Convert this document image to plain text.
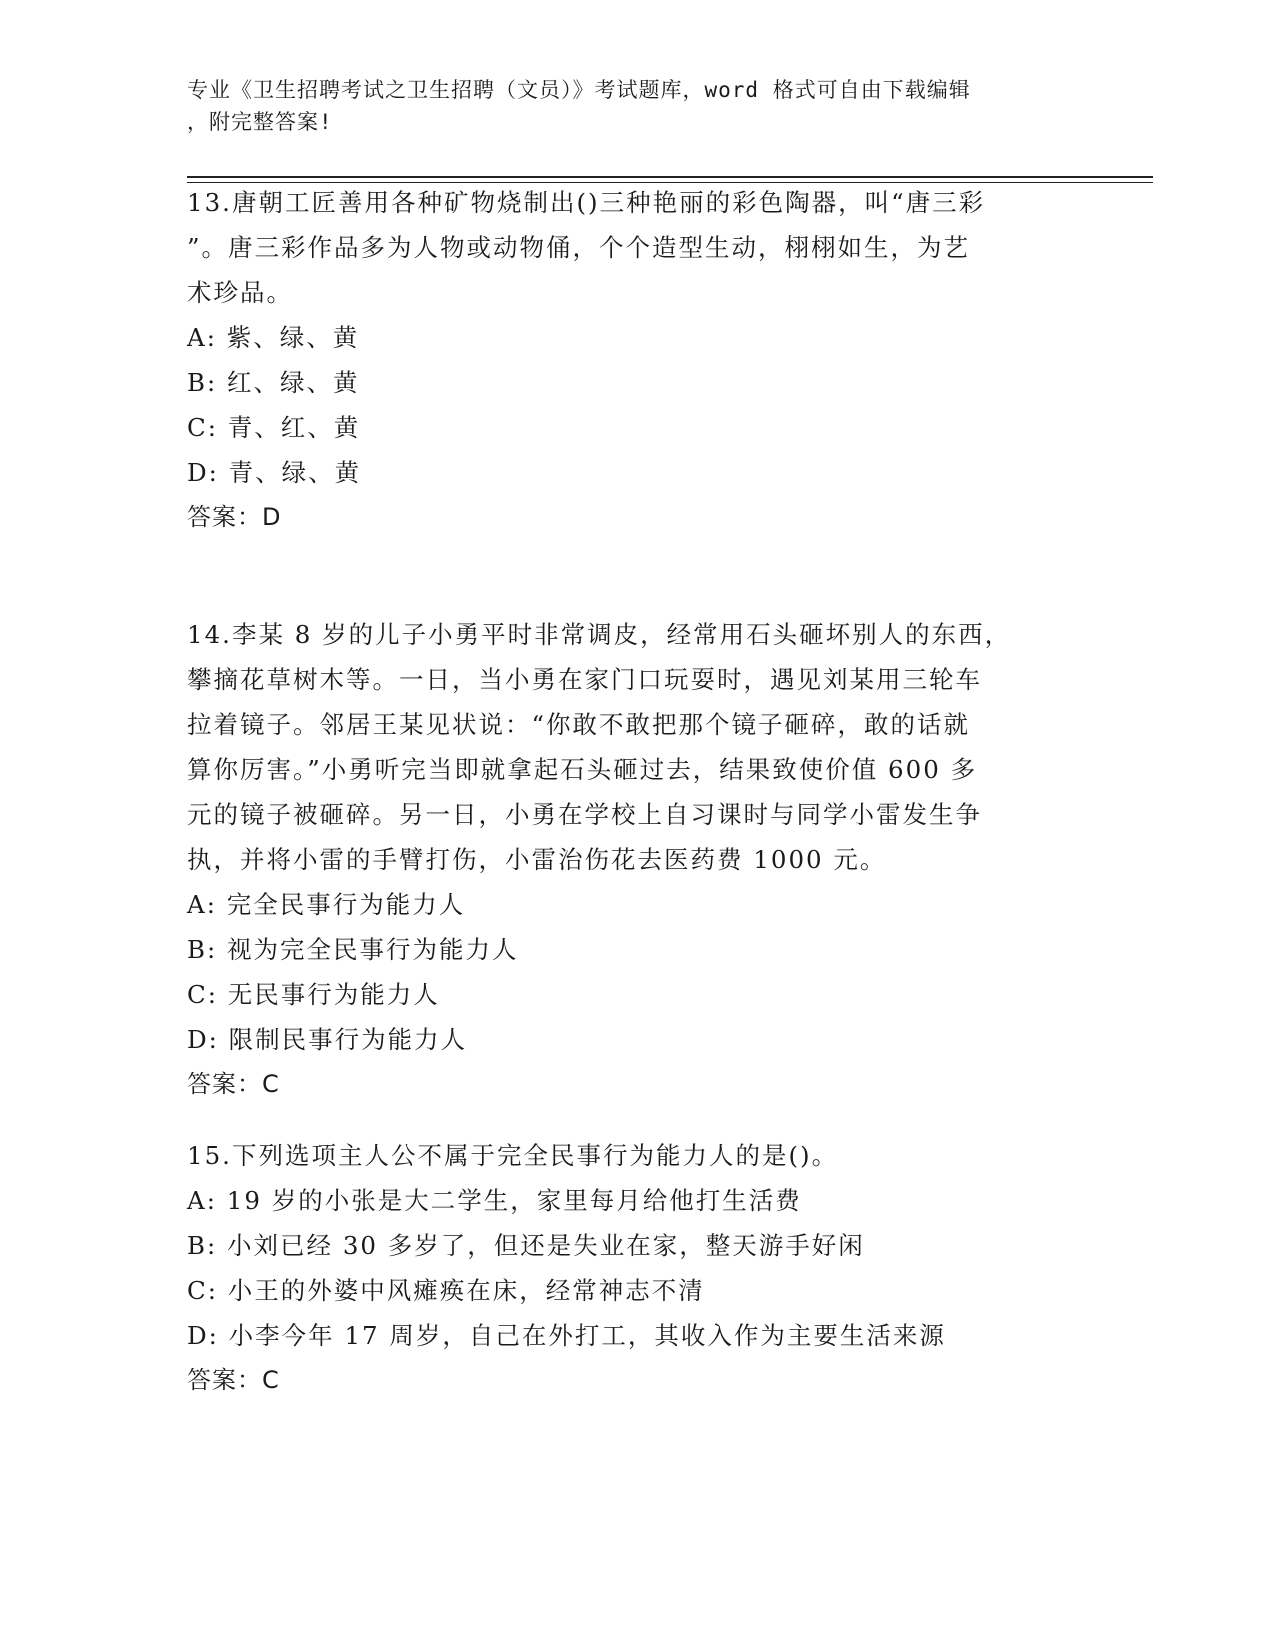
专业《卫生招聘考试之卫生招聘（文员）》考试题库，word 格式可自由下载编辑
，附完整答案!

13.唐朝工匠善用各种矿物烧制出()三种艳丽的彩色陶器，叫“唐三彩

”。唐三彩作品多为人物或动物俑，个个造型生动，栩栩如生，为艺

术珍品。

A: 紫、绿、黄

B: 红、绿、黄

C: 青、红、黄

D: 青、绿、黄

答案：D

14.李某 8 岁的儿子小勇平时非常调皮，经常用石头砸坏别人的东西，

攀摘花草树木等。一日，当小勇在家门口玩耍时，遇见刘某用三轮车

拉着镜子。邻居王某见状说：“你敢不敢把那个镜子砸碎，敢的话就

算你厉害。”小勇听完当即就拿起石头砸过去，结果致使价值 600 多

元的镜子被砸碎。另一日，小勇在学校上自习课时与同学小雷发生争

执，并将小雷的手臂打伤，小雷治伤花去医药费 1000 元。

A: 完全民事行为能力人

B: 视为完全民事行为能力人

C: 无民事行为能力人

D: 限制民事行为能力人

答案：C

15.下列选项主人公不属于完全民事行为能力人的是()。

A: 19 岁的小张是大二学生，家里每月给他打生活费

B: 小刘已经 30 多岁了，但还是失业在家，整天游手好闲

C: 小王的外婆中风瘫痪在床，经常神志不清

D: 小李今年 17 周岁，自己在外打工，其收入作为主要生活来源

答案：C
